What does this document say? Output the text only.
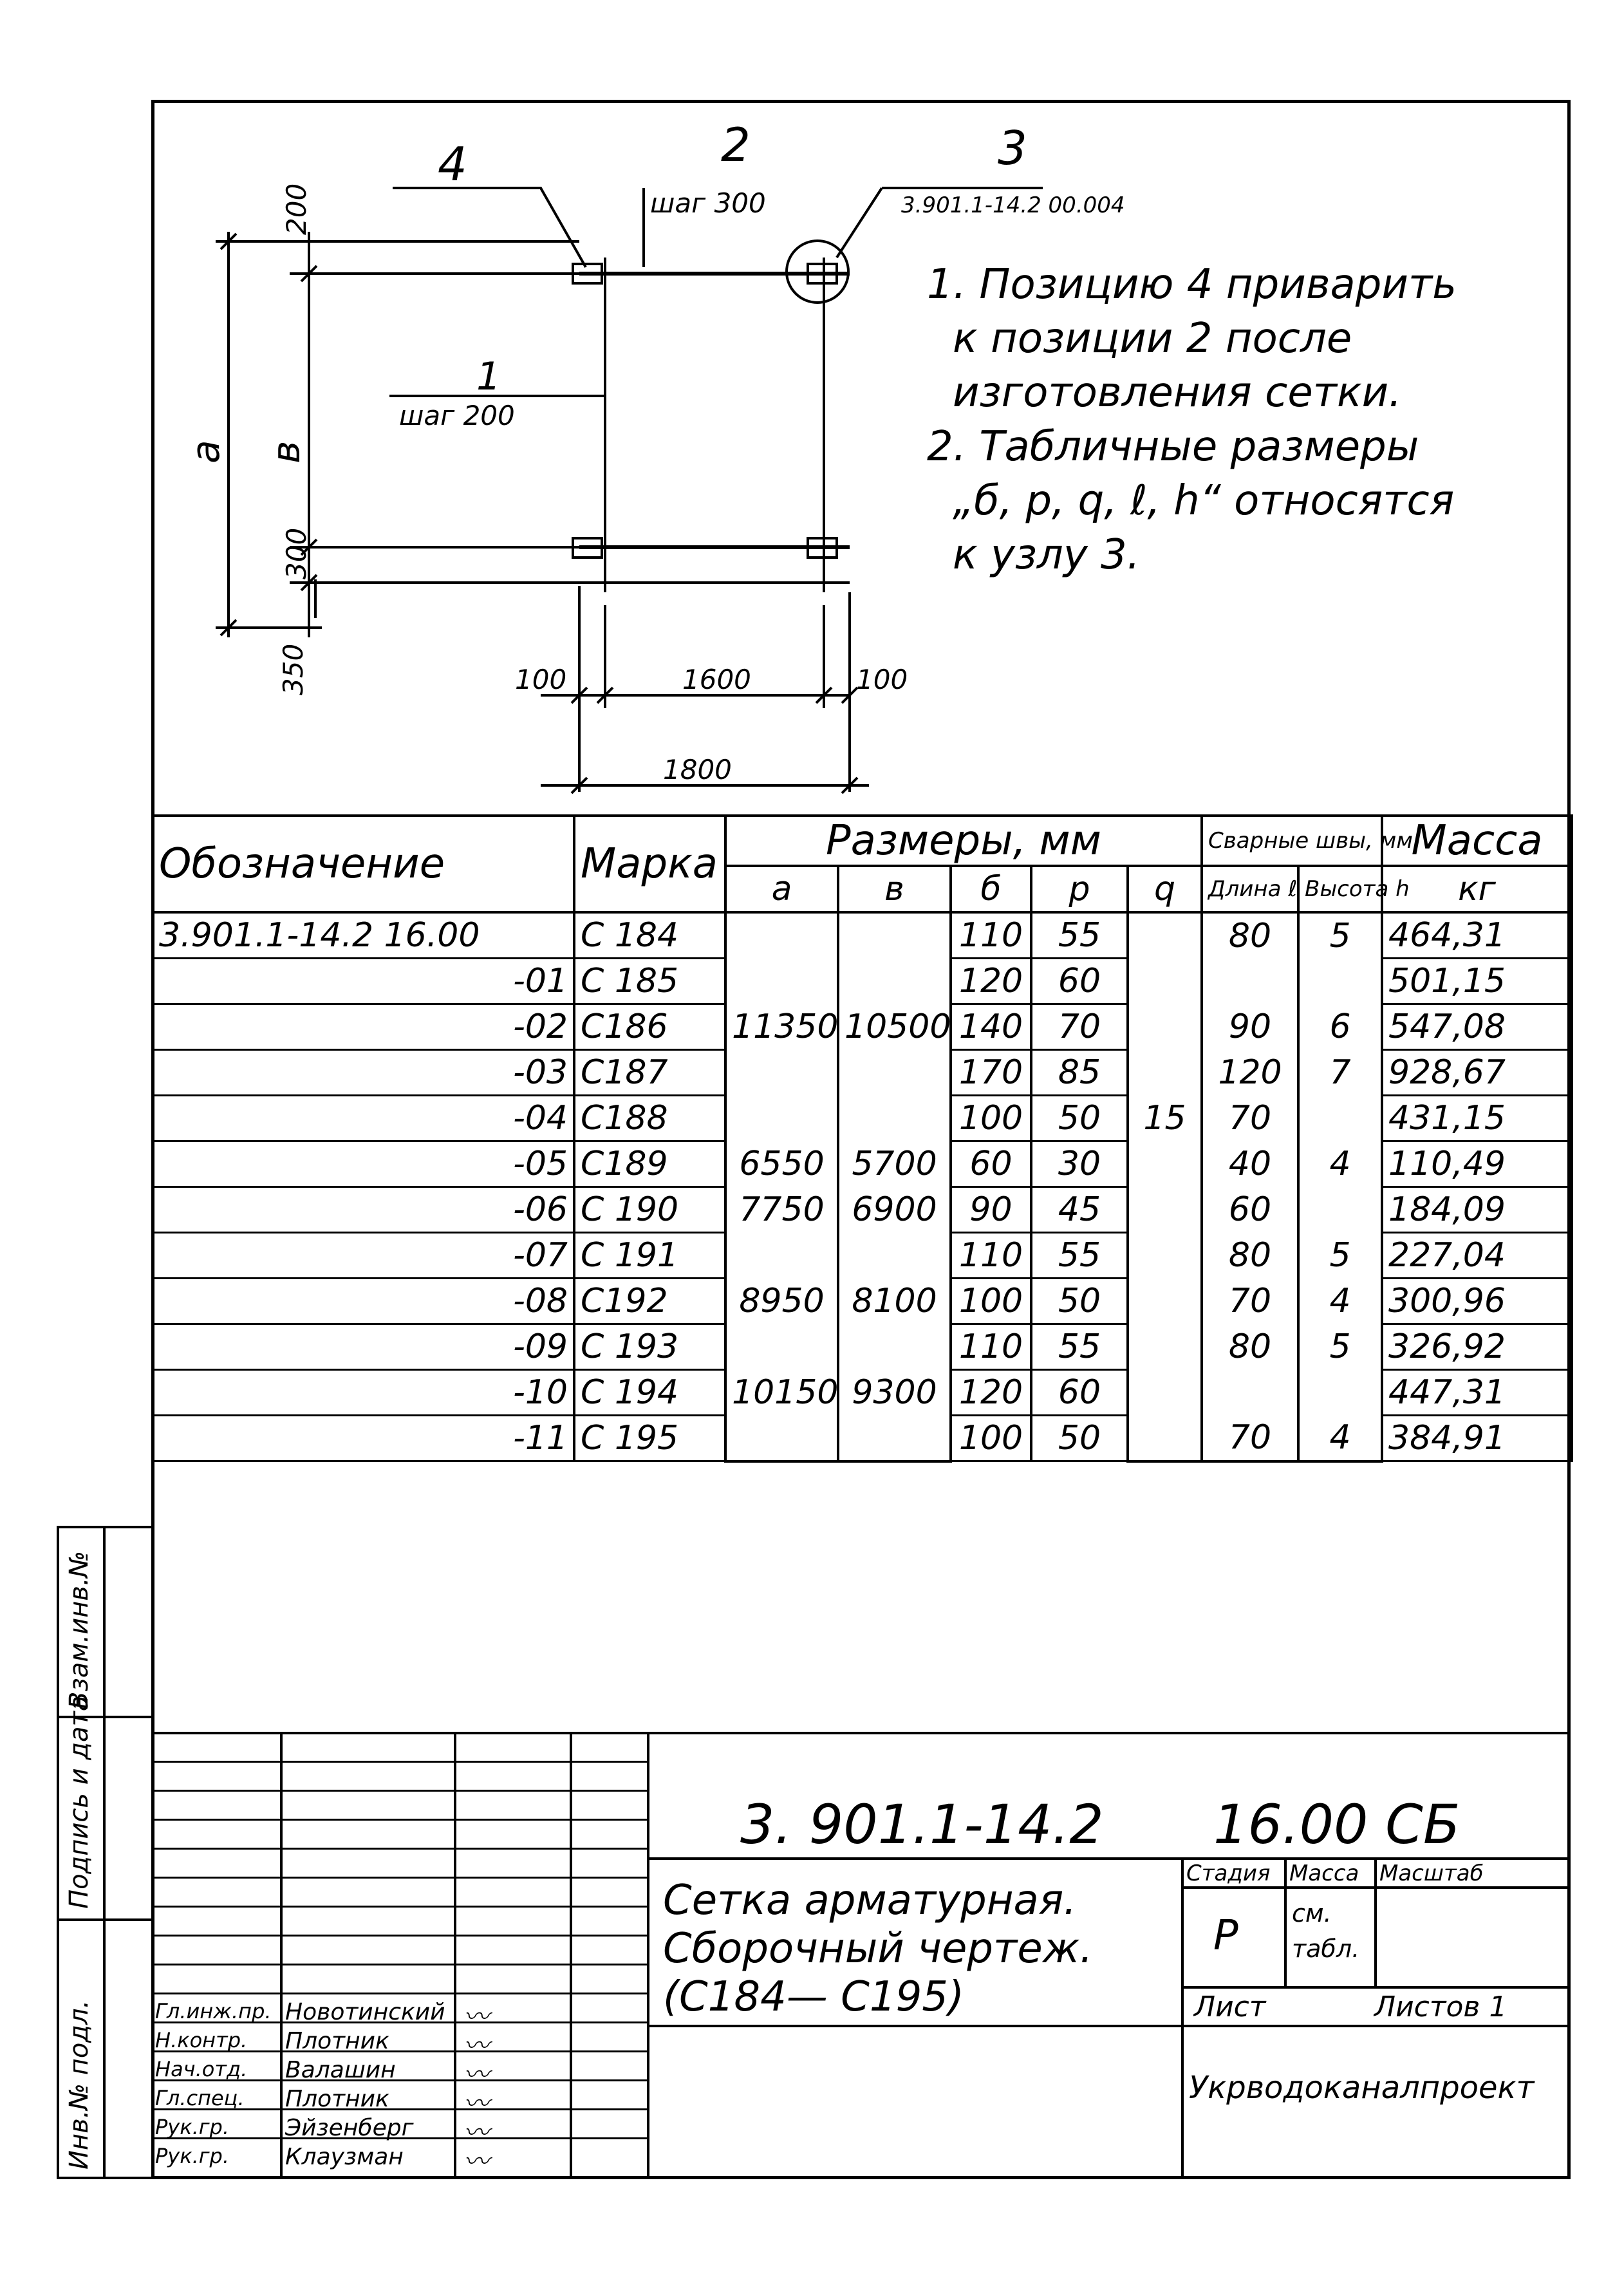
Инв.№ подл.
Подпись и дата
Взам.инв.№
4	2
шаг 300
3
3.901.1-14.2 00.004
1
шаг 200
200
300
350
a в
100	1600	100
1800
1. Позицию 4 приварить
к позиции 2 после
изготовления сетки.
2. Табличные размеры
„б, р, q, ℓ, h“ относятся
к узлу 3.
Обозначение	Марка	Размеры, мм					Сварные швы, мм		Масса
		a	в	б	р	q	Длина ℓ	Высота h	кг
3.901.1-14.2 16.00	С 184			110	55		80	5	464,31
-01	С 185			120	60				501,15
-02	С186	11350	10500	140	70		90	6	547,08
-03	С187			170	85		120	7	928,67
-04	С188			100	50	15	70		431,15
-05	С189	6550	5700	60	30		40	4	110,49
-06	С 190	7750	6900	90	45		60		184,09
-07	С 191			110	55		80	5	227,04
-08	С192	8950	8100	100	50		70	4	300,96
-09	С 193			110	55		80	5	326,92
-10	С 194	10150	9300	120	60				447,31
-11	С 195			100	50		70	4	384,91
Гл.инж.пр. Новотинский 〰
Н.контр. Плотник	〰
Нач.отд. Валашин	〰
Гл.спец. Плотник	〰
Рук.гр. Эйзенберг 〰
Рук.гр. Клаузман 〰
3. 901.1-14.2 16.00 СБ
Сетка арматурная.
Сборочный чертеж.
(С184— С195)
Стадия Масса Масштаб
Р см. табл.
Лист	Листов 1
Укрводоканалпроект
